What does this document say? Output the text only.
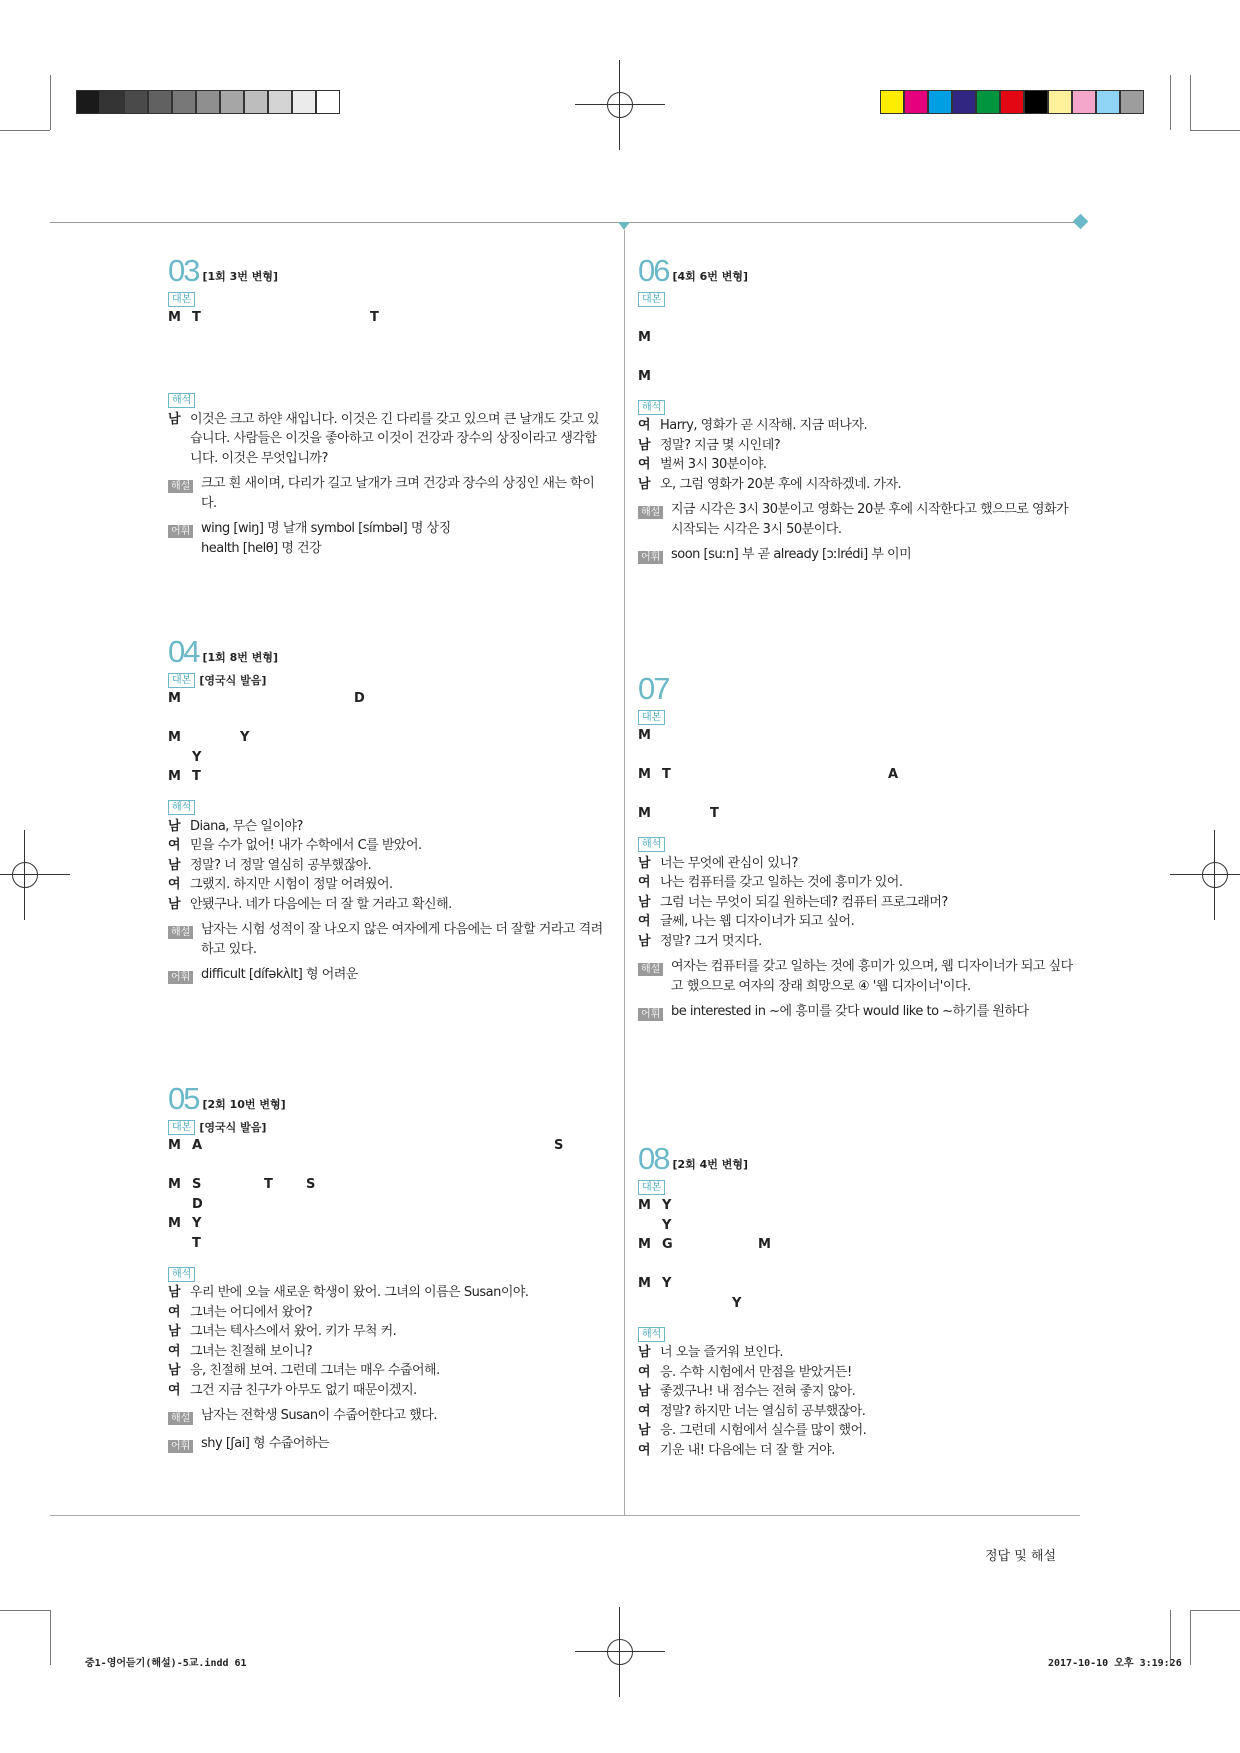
03 [1회 3번 변형]
대본
M T	T
해석
남 이것은 크고 하얀 새입니다. 이것은 긴 다리를 갖고 있으며 큰 날개도 갖고 있습니다. 사람들은 이것을 좋아하고 이것이 건강과 장수의 상징이라고 생각합니다. 이것은 무엇입니까?
해설 크고 흰 새이며, 다리가 길고 날개가 크며 건강과 장수의 상징인 새는 학이다.
어휘 wing [wiŋ] 명 날개 symbol [símbəl] 명 상징
health [helθ] 명 건강
04 [1회 8번 변형]
대본 [영국식 발음]
M	D
M	Y
Y
M T
해석
남 Diana, 무슨 일이야?
여 믿을 수가 없어! 내가 수학에서 C를 받았어.
남 정말? 너 정말 열심히 공부했잖아.
여 그랬지. 하지만 시험이 정말 어려웠어.
남 안됐구나. 네가 다음에는 더 잘 할 거라고 확신해.
해설 남자는 시험 성적이 잘 나오지 않은 여자에게 다음에는 더 잘할 거라고 격려하고 있다.
어휘 difficult [dífəkʌ̀lt] 형 어려운
05 [2회 10번 변형]
대본 [영국식 발음]
M A	S
M S	T	S
D
M Y
T
해석
남 우리 반에 오늘 새로운 학생이 왔어. 그녀의 이름은 Susan이야.
여 그녀는 어디에서 왔어?
남 그녀는 텍사스에서 왔어. 키가 무척 커.
여 그녀는 친절해 보이니?
남 응, 친절해 보여. 그런데 그녀는 매우 수줍어해.
여 그건 지금 친구가 아무도 없기 때문이겠지.
해설 남자는 전학생 Susan이 수줍어한다고 했다.
어휘 shy [ʃai] 형 수줍어하는
06 [4회 6번 변형]
대본
M
M
해석
여 Harry, 영화가 곧 시작해. 지금 떠나자.
남 정말? 지금 몇 시인데?
여 벌써 3시 30분이야.
남 오, 그럼 영화가 20분 후에 시작하겠네. 가자.
해설 지금 시각은 3시 30분이고 영화는 20분 후에 시작한다고 했으므로 영화가 시작되는 시각은 3시 50분이다.
어휘 soon [suːn] 부 곧 already [ɔːlrédi] 부 이미
07
대본
M
M T	A
M	T
해석
남 너는 무엇에 관심이 있니?
여 나는 컴퓨터를 갖고 일하는 것에 흥미가 있어.
남 그럼 너는 무엇이 되길 원하는데? 컴퓨터 프로그래머?
여 글쎄, 나는 웹 디자이너가 되고 싶어.
남 정말? 그거 멋지다.
해설 여자는 컴퓨터를 갖고 일하는 것에 흥미가 있으며, 웹 디자이너가 되고 싶다고 했으므로 여자의 장래 희망으로 ④ '웹 디자이너'이다.
어휘 be interested in ~에 흥미를 갖다 would like to ~하기를 원하다
08 [2회 4번 변형]
대본
M Y
Y
M G	M
M Y
Y
해석
남 너 오늘 즐거워 보인다.
여 응. 수학 시험에서 만점을 받았거든!
남 좋겠구나! 내 점수는 전혀 좋지 않아.
여 정말? 하지만 너는 열심히 공부했잖아.
남 응. 그런데 시험에서 실수를 많이 했어.
여 기운 내! 다음에는 더 잘 할 거야.
정답 및 해설
중1-영어듣기(해설)-5교.indd 61	2017-10-10 오후 3:19:26
